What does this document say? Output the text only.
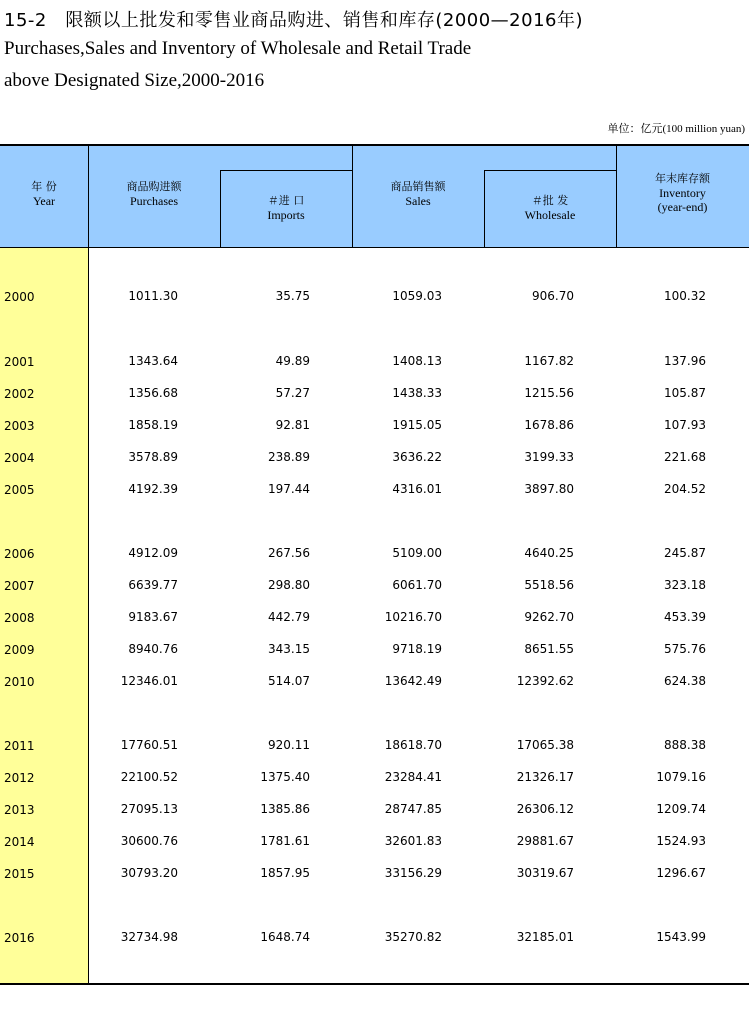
15-2　限额以上批发和零售业商品购进、销售和库存(2000—2016年)
Purchases,Sales and Inventory of Wholesale and Retail Trade
above Designated Size,2000-2016
单位：亿元(100 million yuan)
年 份
Year
商品购进额
Purchases	＃进 口
Imports
商品销售额
Sales	＃批 发
Wholesale
年末库存额
Inventory
(year-end)
2000	1011.30	35.75	1059.03	906.70	100.32
2001	1343.64	49.89	1408.13	1167.82	137.96
2002	1356.68	57.27	1438.33	1215.56	105.87
2003	1858.19	92.81	1915.05	1678.86	107.93
2004	3578.89	238.89	3636.22	3199.33	221.68
2005	4192.39	197.44	4316.01	3897.80	204.52
2006	4912.09	267.56	5109.00	4640.25	245.87
2007	6639.77	298.80	6061.70	5518.56	323.18
2008	9183.67	442.79	10216.70	9262.70	453.39
2009	8940.76	343.15	9718.19	8651.55	575.76
2010	12346.01	514.07	13642.49	12392.62	624.38
2011	17760.51	920.11	18618.70	17065.38	888.38
2012	22100.52	1375.40	23284.41	21326.17	1079.16
2013	27095.13	1385.86	28747.85	26306.12	1209.74
2014	30600.76	1781.61	32601.83	29881.67	1524.93
2015	30793.20	1857.95	33156.29	30319.67	1296.67
2016	32734.98	1648.74	35270.82	32185.01	1543.99
